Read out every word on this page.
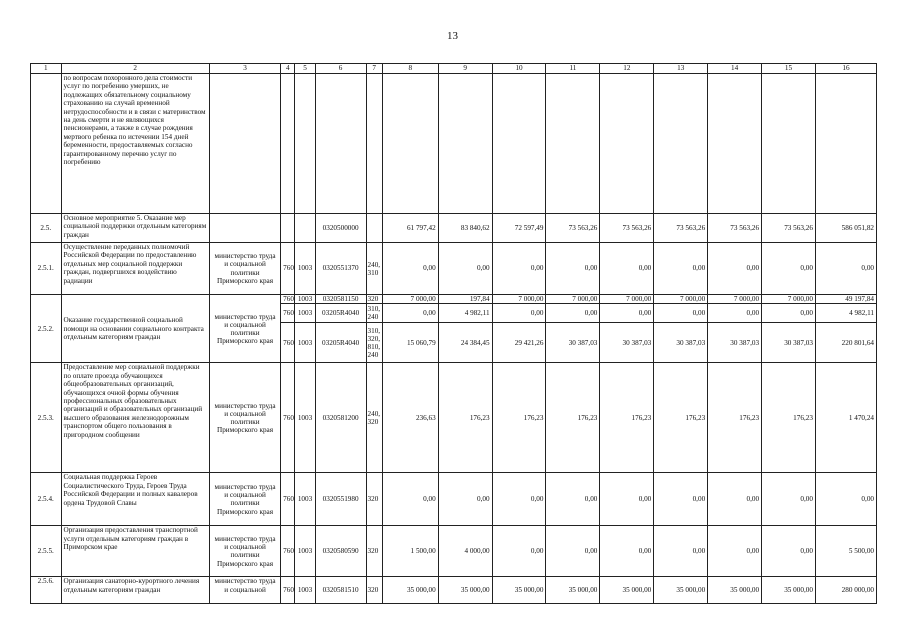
13
1	2	3	4	5	6	7	8	9	10	11	12	13	14	15	16
	по вопросам похоронного дела стоимости услуг по погребению умерших, не подлежащих обязательному социальному страхованию на случай временной нетрудоспособности и в связи с материнством на день смерти и не являющихся пенсионерами, а также в случае рождения мертвого ребенка по истечении 154 дней беременности, предоставляемых согласно гарантированному перечню услуг по погребению														
2.5.	Основное мероприятие 5. Оказание мер социальной поддержки отдельным категориям граждан				0320500000		61 797,42	83 840,62	72 597,49	73 563,26	73 563,26	73 563,26	73 563,26	73 563,26	586 051,82
2.5.1.	Осуществление переданных полномочий Российской Федерации по предоставлению отдельных мер социальной поддержки граждан, подвергшихся воздействию радиации	министерство труда и социальной политики Приморского края	760	1003	0320551370	240, 310	0,00	0,00	0,00	0,00	0,00	0,00	0,00	0,00	0,00
2.5.2.	Оказание государственной социальной помощи на основании социального контракта отдельным категориям граждан	министерство труда и социальной политики Приморского края	760	1003	0320581150	320	7 000,00	197,84	7 000,00	7 000,00	7 000,00	7 000,00	7 000,00	7 000,00	49 197,84
			760	1003	03205R4040	310, 240	0,00	4 982,11	0,00	0,00	0,00	0,00	0,00	0,00	4 982,11
			760	1003	03205R4040	310, 320, 810, 240	15 060,79	24 384,45	29 421,26	30 387,03	30 387,03	30 387,03	30 387,03	30 387,03	220 801,64
2.5.3.	Предоставление мер социальной поддержки по оплате проезда обучающихся общеобразовательных организаций, обучающихся очной формы обучения профессиональных образовательных организаций и образовательных организаций высшего образования железнодорожным транспортом общего пользования в пригородном сообщении	министерство труда и социальной политики Приморского края	760	1003	0320581200	240, 320	236,63	176,23	176,23	176,23	176,23	176,23	176,23	176,23	1 470,24
2.5.4.	Социальная поддержка Героев Социалистического Труда, Героев Труда Российской Федерации и полных кавалеров ордена Трудовой Славы	министерство труда и социальной политики Приморского края	760	1003	0320551980	320	0,00	0,00	0,00	0,00	0,00	0,00	0,00	0,00	0,00
2.5.5.	Организация предоставления транспортной услуги отдельным категориям граждан в Приморском крае	министерство труда и социальной политики Приморского края	760	1003	0320580590	320	1 500,00	4 000,00	0,00	0,00	0,00	0,00	0,00	0,00	5 500,00
2.5.6.	Организация санаторно-курортного лечения отдельным категориям граждан	министерство труда и социальной	760	1003	0320581510	320	35 000,00	35 000,00	35 000,00	35 000,00	35 000,00	35 000,00	35 000,00	35 000,00	280 000,00
